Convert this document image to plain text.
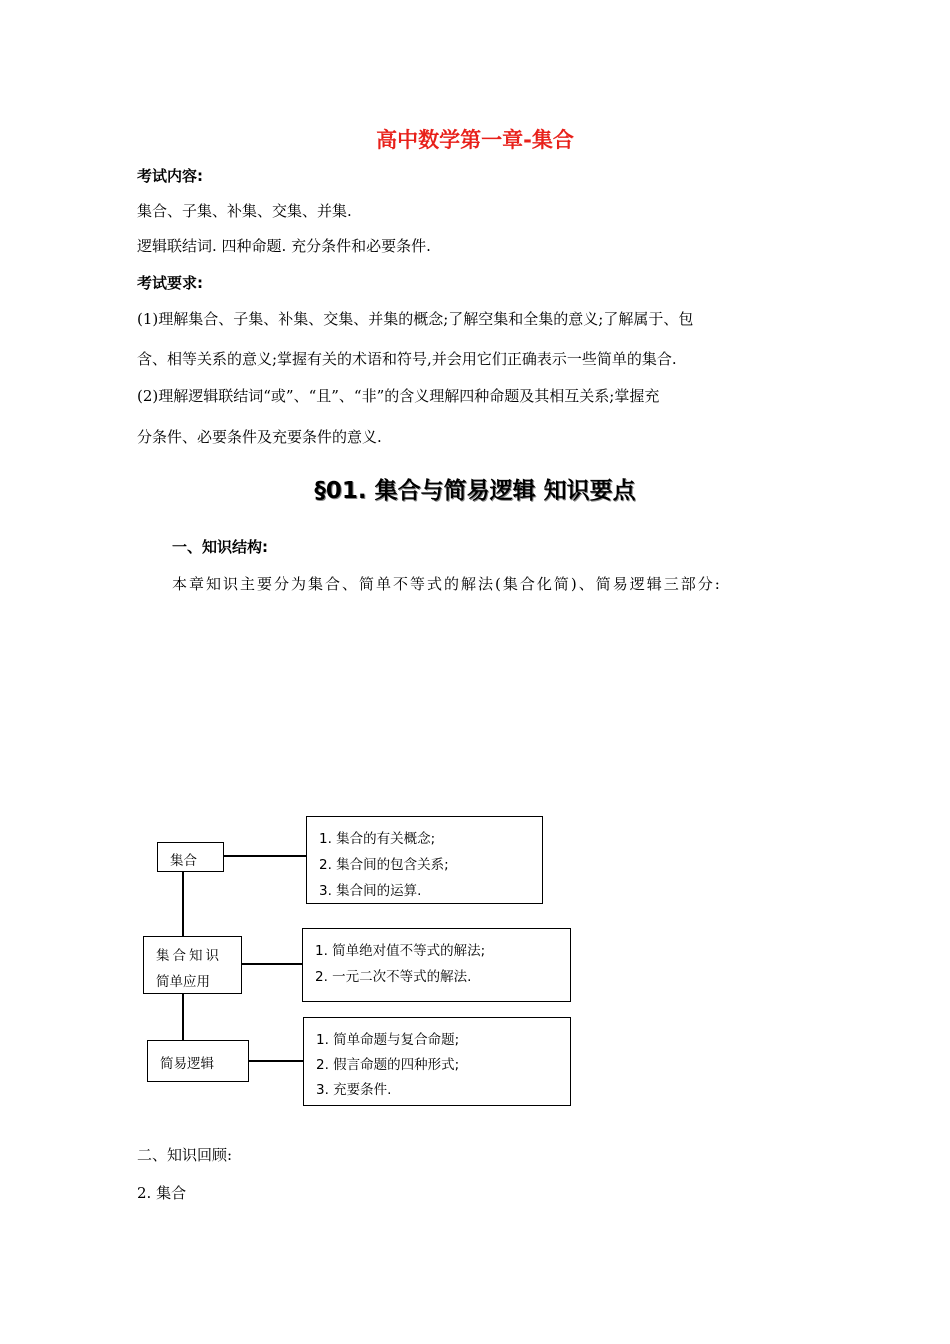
高中数学第一章-集合
考试内容:
集合、子集、补集、交集、并集.
逻辑联结词. 四种命题. 充分条件和必要条件.
考试要求:
(1)理解集合、子集、补集、交集、并集的概念;了解空集和全集的意义;了解属于、包
含、相等关系的意义;掌握有关的术语和符号,并会用它们正确表示一些简单的集合.
(2)理解逻辑联结词“或”、“且”、“非”的含义理解四种命题及其相互关系;掌握充
分条件、必要条件及充要条件的意义.
§01. 集合与简易逻辑 知识要点
一、知识结构:
本章知识主要分为集合、简单不等式的解法(集合化简)、简易逻辑三部分:
集合
集合知识
简单应用
简易逻辑
1. 集合的有关概念;
2. 集合间的包含关系;
3. 集合间的运算.
1. 简单绝对值不等式的解法;
2. 一元二次不等式的解法.
1. 简单命题与复合命题;
2. 假言命题的四种形式;
3. 充要条件.
二、知识回顾:
2. 集合
